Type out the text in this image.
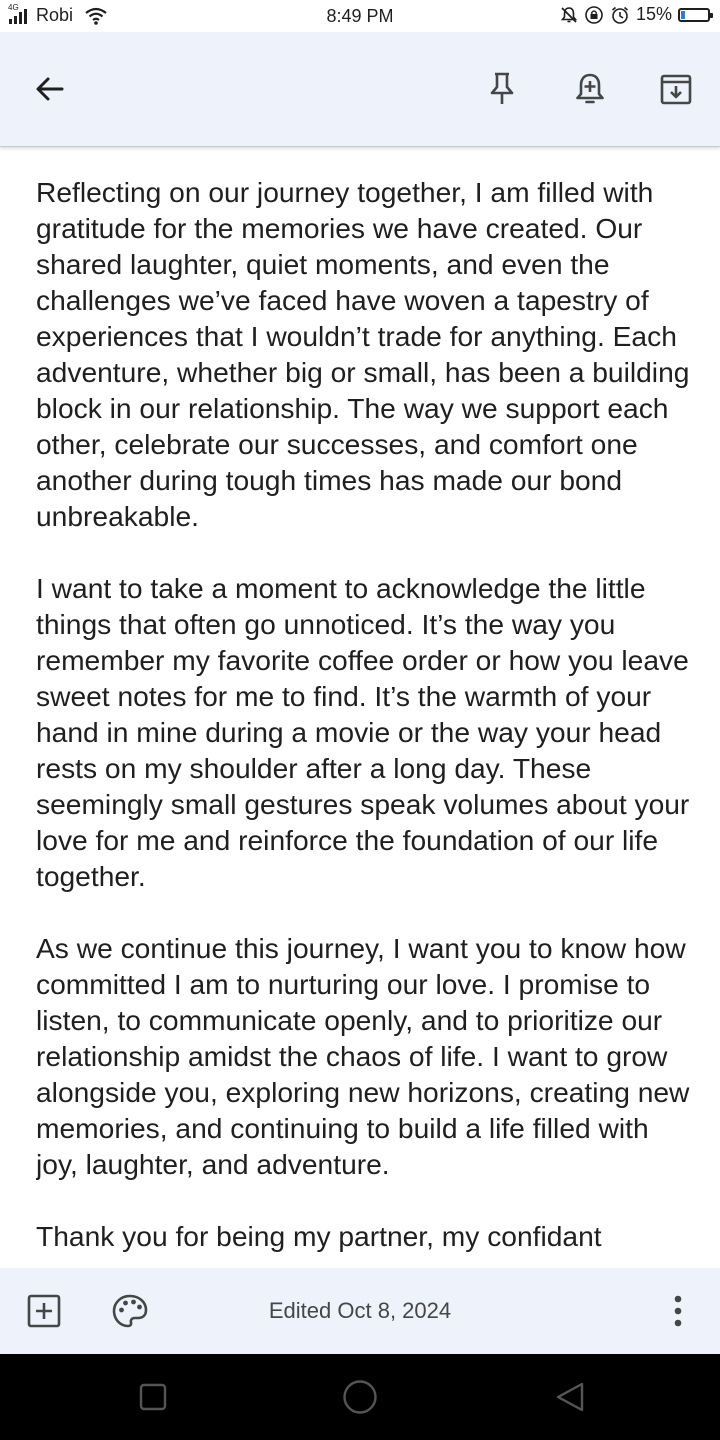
4G Robi	8:49 PM	15%

Reflecting on our journey together, I am filled with gratitude for the memories we have created. Our shared laughter, quiet moments, and even the challenges we’ve faced have woven a tapestry of experiences that I wouldn’t trade for anything. Each adventure, whether big or small, has been a building block in our relationship. The way we support each other, celebrate our successes, and comfort one another during tough times has made our bond unbreakable.

I want to take a moment to acknowledge the little things that often go unnoticed. It’s the way you remember my favorite coffee order or how you leave sweet notes for me to find. It’s the warmth of your hand in mine during a movie or the way your head rests on my shoulder after a long day. These seemingly small gestures speak volumes about your love for me and reinforce the foundation of our life together.

As we continue this journey, I want you to know how committed I am to nurturing our love. I promise to listen, to communicate openly, and to prioritize our relationship amidst the chaos of life. I want to grow alongside you, exploring new horizons, creating new memories, and continuing to build a life filled with joy, laughter, and adventure.

Thank you for being my partner, my confidant

Edited Oct 8, 2024
